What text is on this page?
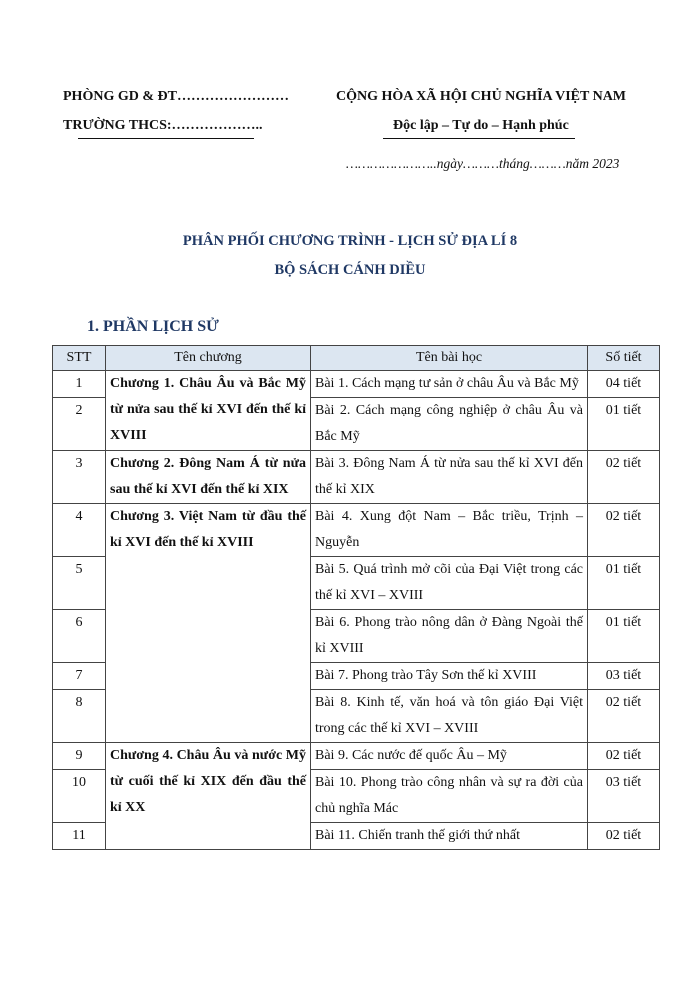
PHÒNG GD & ĐT……………………
TRƯỜNG THCS:………………..
CỘNG HÒA XÃ HỘI CHỦ NGHĨA VIỆT NAM
Độc lập – Tự do – Hạnh phúc
…………………..ngày………tháng………năm 2023
PHÂN PHỐI CHƯƠNG TRÌNH - LỊCH SỬ ĐỊA LÍ 8
BỘ SÁCH CÁNH DIỀU
1. PHẦN LỊCH SỬ
STT	Tên chương	Tên bài học	Số tiết
1	Chương 1. Châu Âu và Bắc Mỹ từ nửa sau thế kỉ XVI đến thế kỉ XVIII	Bài 1. Cách mạng tư sản ở châu Âu và Bắc Mỹ	04 tiết
2		Bài 2. Cách mạng công nghiệp ở châu Âu và Bắc Mỹ	01 tiết
3	Chương 2. Đông Nam Á từ nửa sau thế kỉ XVI đến thế kỉ XIX	Bài 3. Đông Nam Á từ nửa sau thế kỉ XVI đến thế kỉ XIX	02 tiết
4	Chương 3. Việt Nam từ đầu thế kỉ XVI đến thế kỉ XVIII	Bài 4. Xung đột Nam – Bắc triều, Trịnh – Nguyễn	02 tiết
5		Bài 5. Quá trình mở cõi của Đại Việt trong các thế kỉ XVI – XVIII	01 tiết
6		Bài 6. Phong trào nông dân ở Đàng Ngoài thế kỉ XVIII	01 tiết
7		Bài 7. Phong trào Tây Sơn thế kỉ XVIII	03 tiết
8		Bài 8. Kinh tế, văn hoá và tôn giáo Đại Việt trong các thế kỉ XVI – XVIII	02 tiết
9	Chương 4. Châu Âu và nước Mỹ từ cuối thế kỉ XIX đến đầu thế kỉ XX	Bài 9. Các nước đế quốc Âu – Mỹ	02 tiết
10		Bài 10. Phong trào công nhân và sự ra đời của chủ nghĩa Mác	03 tiết
11		Bài 11. Chiến tranh thế giới thứ nhất	02 tiết
